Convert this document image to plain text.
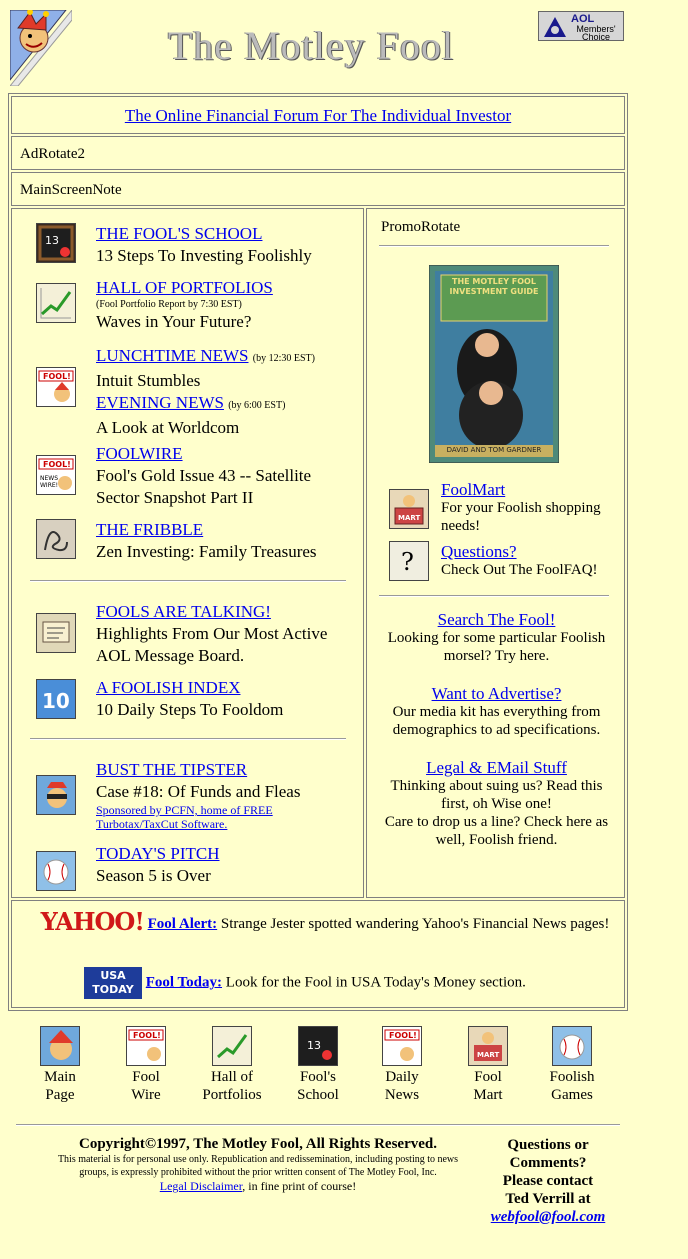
The Motley Fool
AOL
Members' Choice
The Online Financial Forum For The Individual Investor
AdRotate2
MainScreenNote
13 THE FOOL'S SCHOOL
13 Steps To Investing Foolishly
HALL OF PORTFOLIOS
(Fool Portfolio Report by 7:30 EST)
Waves in Your Future?
FOOL!
LUNCHTIME NEWS (by 12:30 EST)
Intuit Stumbles
EVENING NEWS (by 6:00 EST)
A Look at Worldcom
FOOL!
NEWS
WIRE!
FOOLWIRE
Fool's Gold Issue 43 -- Satellite Sector Snapshot Part II
THE FRIBBLE
Zen Investing: Family Treasures
FOOLS ARE TALKING!
Highlights From Our Most Active AOL Message Board.
10
A FOOLISH INDEX
10 Daily Steps To Fooldom
BUST THE TIPSTER
Case #18: Of Funds and Fleas
Sponsored by PCFN, home of FREE Turbotax/TaxCut Software.
TODAY'S PITCH
Season 5 is Over
PromoRotate
THE MOTLEY FOOL INVESTMENT GUIDE
DAVID AND TOM GARDNER
MART
FoolMart
For your Foolish shopping needs!
? Questions?
Check Out The FoolFAQ!
Search The Fool!
Looking for some particular Foolish morsel? Try here.
Want to Advertise?
Our media kit has everything from demographics to ad specifications.
Legal & EMail Stuff
Thinking about suing us? Read this first, oh Wise one!
Care to drop us a line? Check here as well, Foolish friend.
YAHOO! Fool Alert: Strange Jester spotted wandering Yahoo's Financial News pages!
USA
TODAY Fool Today: Look for the Fool in USA Today's Money section.
Main
Page
FOOL!
Fool
Wire
Hall of
Portfolios
13
Fool's
School
FOOL!
Daily
News
MART
Fool
Mart
Foolish
Games
Copyright©1997, The Motley Fool, All Rights Reserved.
This material is for personal use only. Republication and redissemination, including posting to news groups, is expressly prohibited without the prior written consent of The Motley Fool, Inc.
Legal Disclaimer, in fine print of course!
Questions or Comments?
Please contact Ted Verrill at
webfool@fool.com
